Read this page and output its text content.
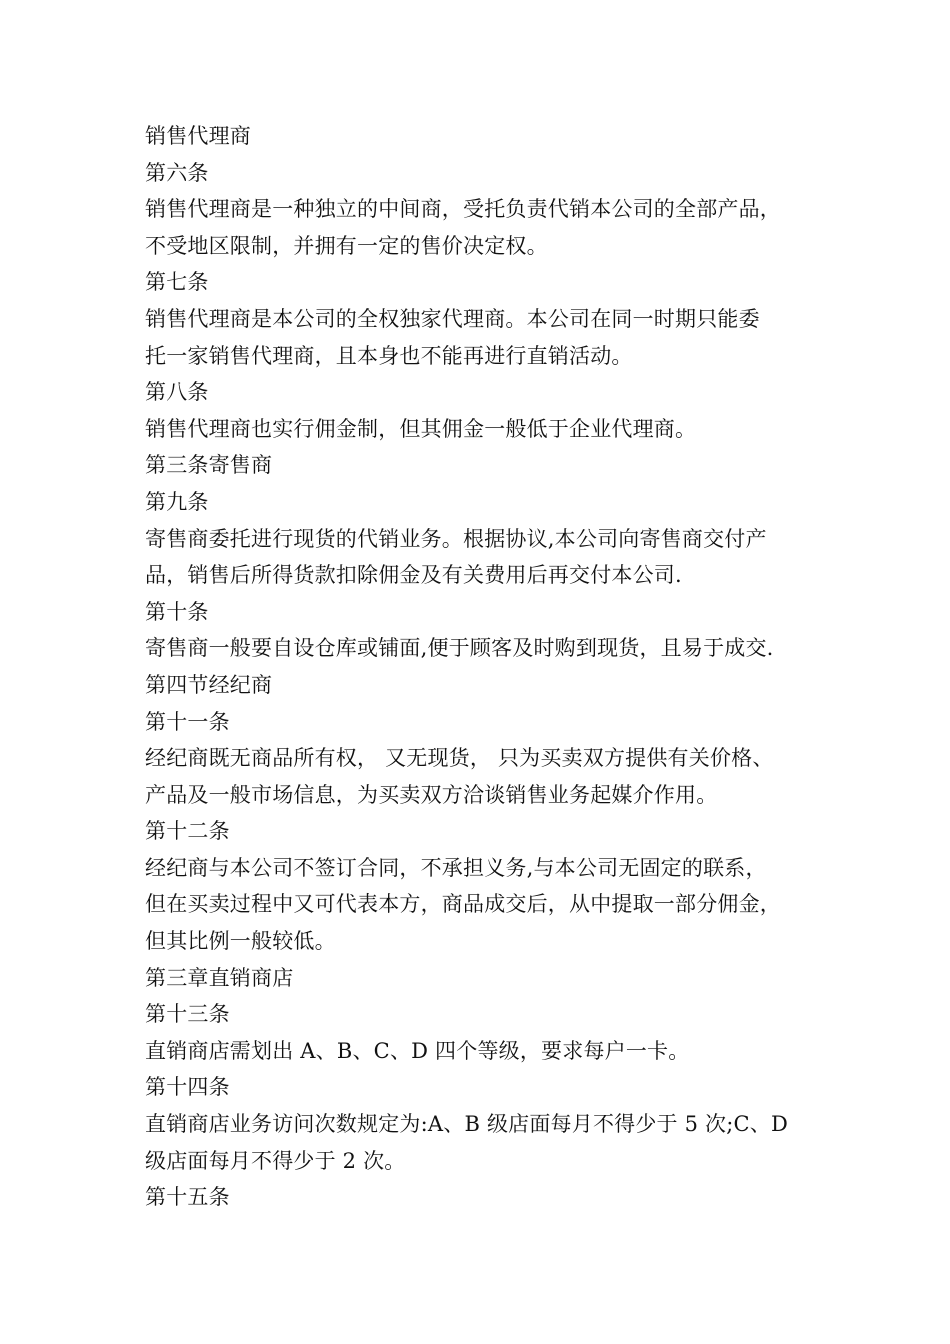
销售代理商
第六条
销售代理商是一种独立的中间商，受托负责代销本公司的全部产品，
不受地区限制，并拥有一定的售价决定权。
第七条
销售代理商是本公司的全权独家代理商。本公司在同一时期只能委
托一家销售代理商，且本身也不能再进行直销活动。
第八条
销售代理商也实行佣金制，但其佣金一般低于企业代理商。
第三条寄售商
第九条
寄售商委托进行现货的代销业务。根据协议,本公司向寄售商交付产
品，销售后所得货款扣除佣金及有关费用后再交付本公司.
第十条
寄售商一般要自设仓库或铺面,便于顾客及时购到现货，且易于成交.
第四节经纪商
第十一条
经纪商既无商品所有权， 又无现货， 只为买卖双方提供有关价格、
产品及一般市场信息，为买卖双方洽谈销售业务起媒介作用。
第十二条
经纪商与本公司不签订合同，不承担义务,与本公司无固定的联系，
但在买卖过程中又可代表本方，商品成交后，从中提取一部分佣金，
但其比例一般较低。
第三章直销商店
第十三条
直销商店需划出 A、B、C、D 四个等级，要求每户一卡。
第十四条
直销商店业务访问次数规定为:A、B 级店面每月不得少于 5 次;C、D
级店面每月不得少于 2 次。
第十五条
